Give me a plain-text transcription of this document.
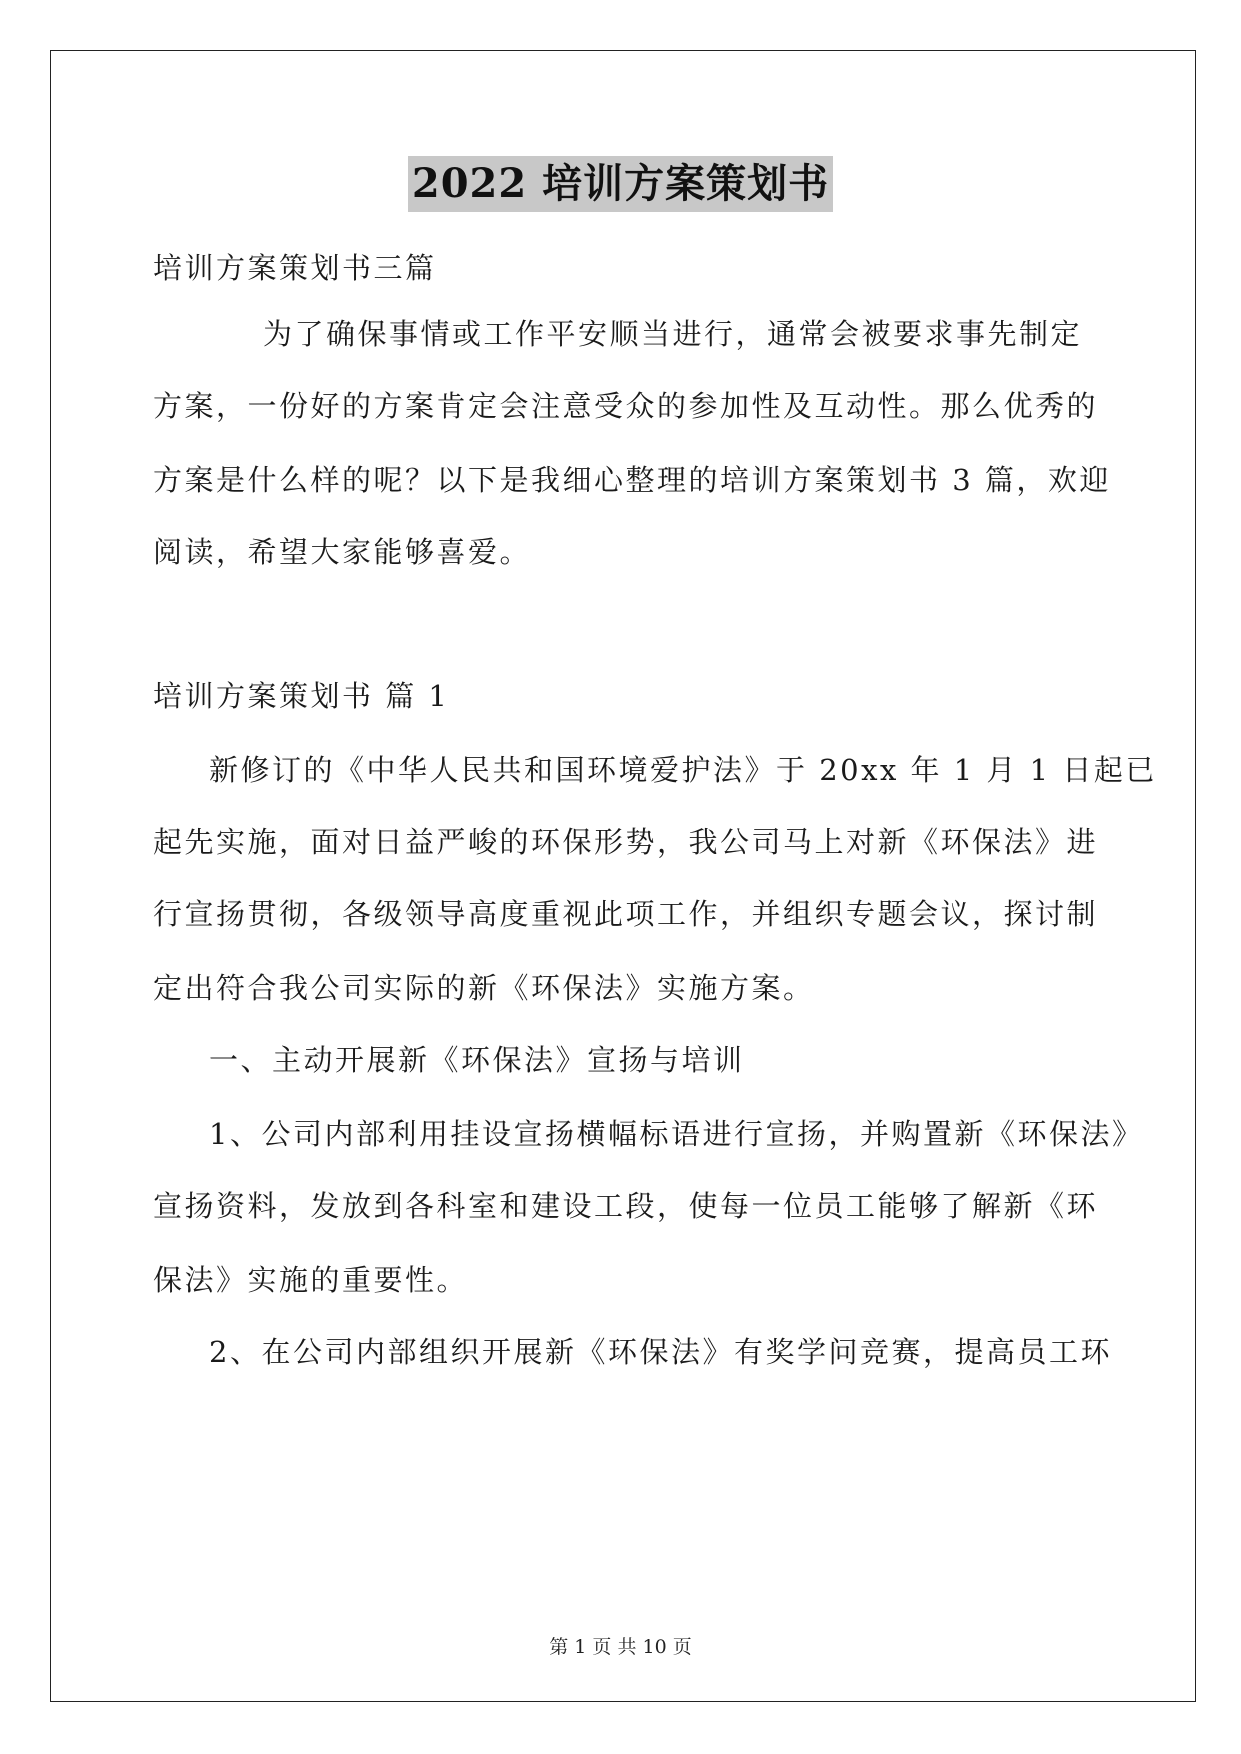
2022 培训方案策划书
培训方案策划书三篇
为了确保事情或工作平安顺当进行，通常会被要求事先制定
方案，一份好的方案肯定会注意受众的参加性及互动性。那么优秀的
方案是什么样的呢？以下是我细心整理的培训方案策划书 3 篇，欢迎
阅读，希望大家能够喜爱。
培训方案策划书 篇 1
新修订的《中华人民共和国环境爱护法》于 20xx 年 1 月 1 日起已
起先实施，面对日益严峻的环保形势，我公司马上对新《环保法》进
行宣扬贯彻，各级领导高度重视此项工作，并组织专题会议，探讨制
定出符合我公司实际的新《环保法》实施方案。
一、主动开展新《环保法》宣扬与培训
1、公司内部利用挂设宣扬横幅标语进行宣扬，并购置新《环保法》
宣扬资料，发放到各科室和建设工段，使每一位员工能够了解新《环
保法》实施的重要性。
2、在公司内部组织开展新《环保法》有奖学问竞赛，提高员工环
第 1 页 共 10 页
